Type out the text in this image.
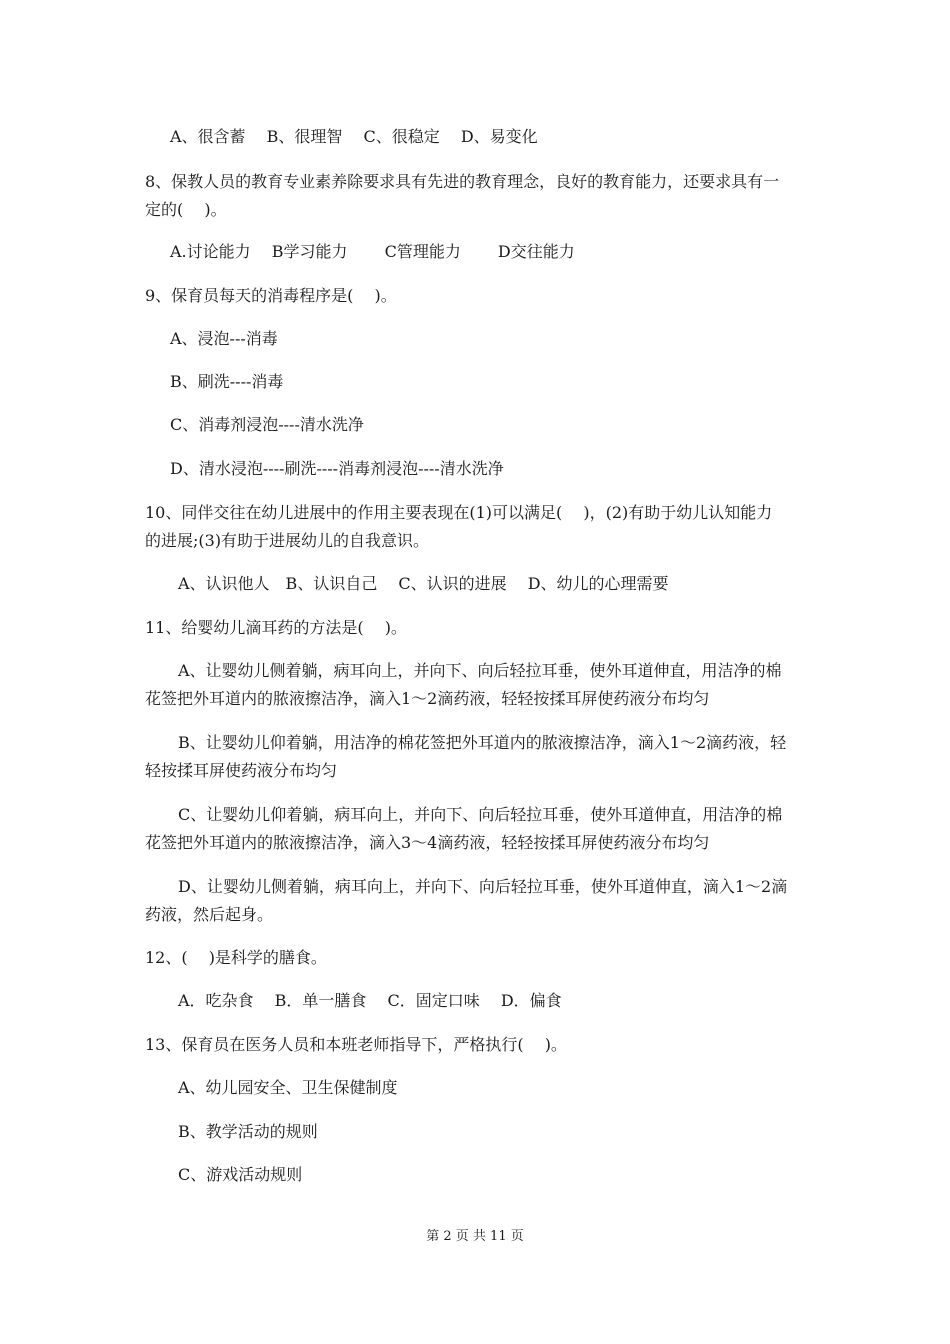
A、很含蓄　 B、很理智　 C、很稳定　 D、易变化
8、保教人员的教育专业素养除要求具有先进的教育理念，良好的教育能力，还要求具有一
定的(　 )。
A.讨论能力　 B学习能力　　 C管理能力　　 D交往能力
9、保育员每天的消毒程序是(　 )。
A、浸泡---消毒
B、刷洗----消毒
C、消毒剂浸泡----清水洗净
D、清水浸泡----刷洗----消毒剂浸泡----清水洗净
10、同伴交往在幼儿进展中的作用主要表现在(1)可以满足(　 )，(2)有助于幼儿认知能力
的进展;(3)有助于进展幼儿的自我意识。
A、认识他人　B、认识自己　 C、认识的进展　 D、幼儿的心理需要
11、给婴幼儿滴耳药的方法是(　 )。
A、让婴幼儿侧着躺，病耳向上，并向下、向后轻拉耳垂，使外耳道伸直，用洁净的棉
花签把外耳道内的脓液擦洁净，滴入1～2滴药液，轻轻按揉耳屏使药液分布均匀
B、让婴幼儿仰着躺，用洁净的棉花签把外耳道内的脓液擦洁净，滴入1～2滴药液，轻
轻按揉耳屏使药液分布均匀
C、让婴幼儿仰着躺，病耳向上，并向下、向后轻拉耳垂，使外耳道伸直，用洁净的棉
花签把外耳道内的脓液擦洁净，滴入3～4滴药液，轻轻按揉耳屏使药液分布均匀
D、让婴幼儿侧着躺，病耳向上，并向下、向后轻拉耳垂，使外耳道伸直，滴入1～2滴
药液，然后起身。
12、(　 )是科学的膳食。
A．吃杂食　 B．单一膳食　 C．固定口味　 D．偏食
13、保育员在医务人员和本班老师指导下，严格执行(　 )。
A、幼儿园安全、卫生保健制度
B、教学活动的规则
C、游戏活动规则
第 2 页 共 11 页
